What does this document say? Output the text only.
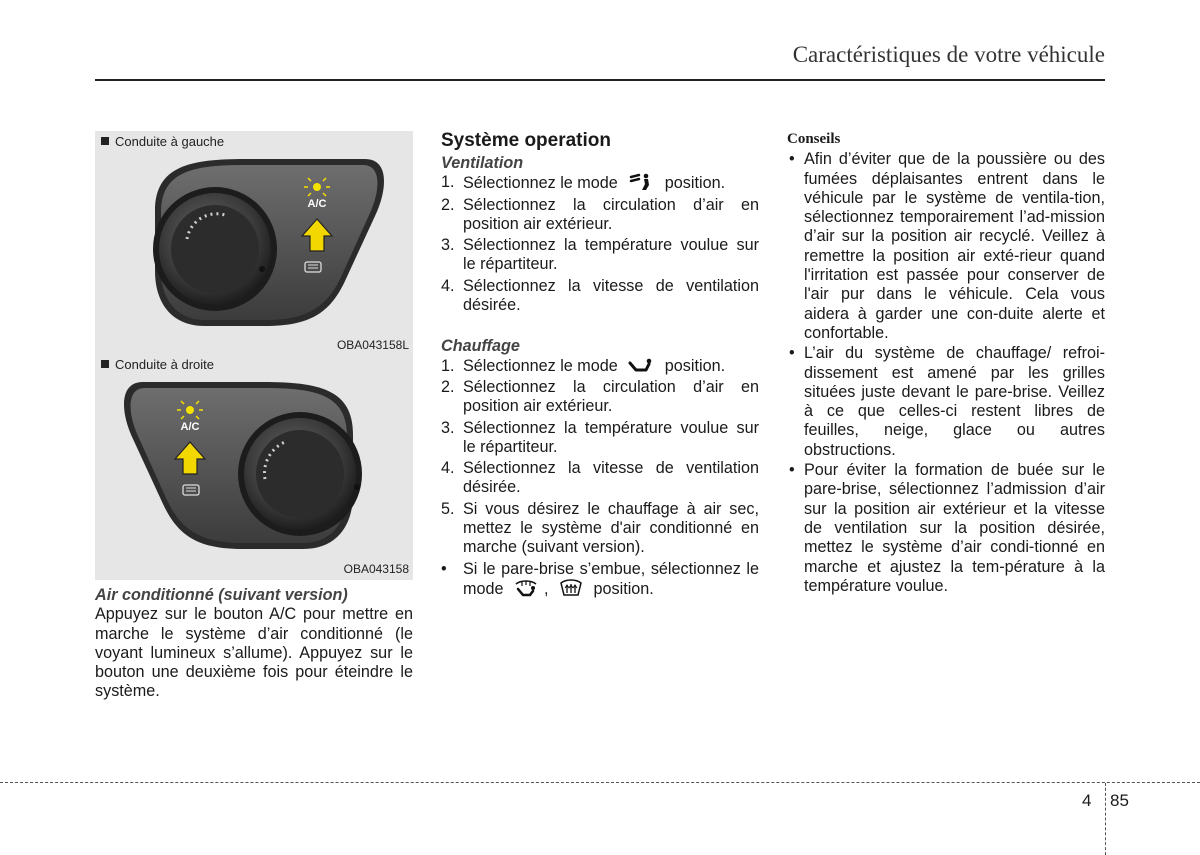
Caractéristiques de votre véhicule
A/C
Conduite à gauche
OBA043158L
A/C
Conduite à droite
OBA043158
Air conditionné (suivant version)
Appuyez sur le bouton A/C pour mettre en marche le système d’air conditionné (le voyant lumineux s’allume). Appuyez sur le bouton une deuxième fois pour éteindre le système.
Système operation
Ventilation
1. Sélectionnez le mode	position.
2. Sélectionnez la circulation d’air en position air extérieur.
3. Sélectionnez la température voulue sur le répartiteur.
4. Sélectionnez la vitesse de ventilation désirée.
Chauffage
1. Sélectionnez le mode	position.
2. Sélectionnez la circulation d’air en position air extérieur.
3. Sélectionnez la température voulue sur le répartiteur.
4. Sélectionnez la vitesse de ventilation désirée.
5. Si vous désirez le chauffage à air sec, mettez le système d'air conditionné en marche (suivant version).
• Si le pare-brise s’embue, sélectionnez le mode	,	position.
Conseils
• Afin d’éviter que de la poussière ou des fumées déplaisantes entrent dans le véhicule par le système de ventila-tion, sélectionnez temporairement l’ad-mission d’air sur la position air recyclé. Veillez à remettre la position air exté-rieur quand l'irritation est passée pour conserver de l'air pur dans le véhicule. Cela vous aidera à garder une con-duite alerte et confortable.
• L’air du système de chauffage/ refroi-dissement est amené par les grilles situées juste devant le pare-brise. Veillez à ce que celles-ci restent libres de feuilles, neige, glace ou autres obstructions.
• Pour éviter la formation de buée sur le pare-brise, sélectionnez l’admission d’air sur la position air extérieur et la vitesse de ventilation sur la position désirée, mettez le système d’air condi-tionné en marche et ajustez la tem-pérature à la température voulue.
4 85
